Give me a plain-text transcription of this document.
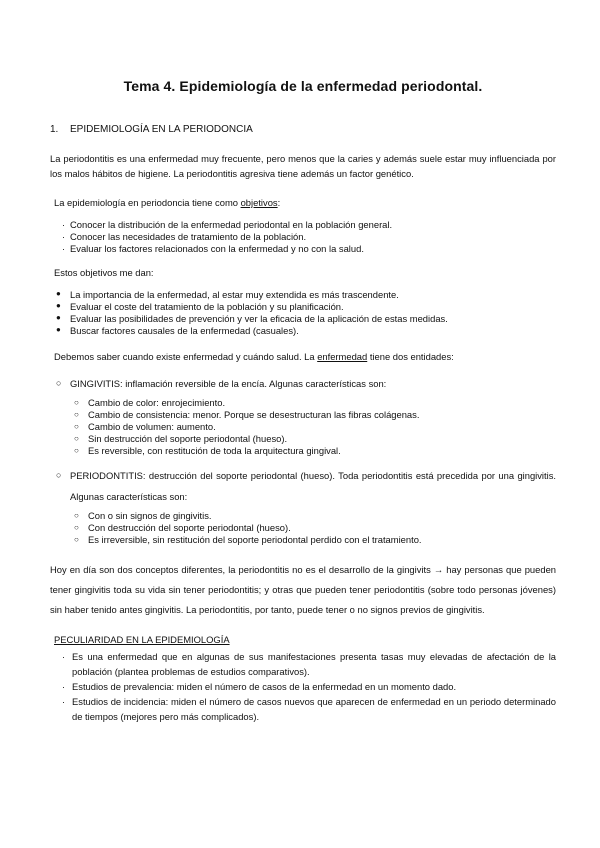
Tema 4. Epidemiología de la enfermedad periodontal.
1. EPIDEMIOLOGÍA EN LA PERIODONCIA

La periodontitis es una enfermedad muy frecuente, pero menos que la caries y además suele estar muy influenciada por los malos hábitos de higiene. La periodontitis agresiva tiene además un factor genético.

La epidemiología en periodoncia tiene como objetivos:

· Conocer la distribución de la enfermedad periodontal en la población general.
· Conocer las necesidades de tratamiento de la población.
· Evaluar los factores relacionados con la enfermedad y no con la salud.

Estos objetivos me dan:

● La importancia de la enfermedad, al estar muy extendida es más trascendente.
● Evaluar el coste del tratamiento de la población y su planificación.
● Evaluar las posibilidades de prevención y ver la eficacia de la aplicación de estas medidas.
● Buscar factores causales de la enfermedad (casuales).

Debemos saber cuando existe enfermedad y cuándo salud. La enfermedad tiene dos entidades:

○ GINGIVITIS: inflamación reversible de la encía. Algunas características son:
○ Cambio de color: enrojecimiento.
○ Cambio de consistencia: menor. Porque se desestructuran las fibras colágenas.
○ Cambio de volumen: aumento.
○ Sin destrucción del soporte periodontal (hueso).
○ Es reversible, con restitución de toda la arquitectura gingival.
○ PERIODONTITIS: destrucción del soporte periodontal (hueso). Toda periodontitis está precedida por una gingivitis. Algunas características son:
○ Con o sin signos de gingivitis.
○ Con destrucción del soporte periodontal (hueso).
○ Es irreversible, sin restitución del soporte periodontal perdido con el tratamiento.

Hoy en día son dos conceptos diferentes, la periodontitis no es el desarrollo de la gingivits → hay personas que pueden tener gingivitis toda su vida sin tener periodontitis; y otras que pueden tener periodontitis (sobre todo personas jóvenes) sin haber tenido antes gingivitis. La periodontitis, por tanto, puede tener o no signos previos de gingivitis.

PECULIARIDAD EN LA EPIDEMIOLOGÍA
· Es una enfermedad que en algunas de sus manifestaciones presenta tasas muy elevadas de afectación de la población (plantea problemas de estudios comparativos).
· Estudios de prevalencia: miden el número de casos de la enfermedad en un momento dado.
· Estudios de incidencia: miden el número de casos nuevos que aparecen de enfermedad en un periodo determinado de tiempos (mejores pero más complicados).
